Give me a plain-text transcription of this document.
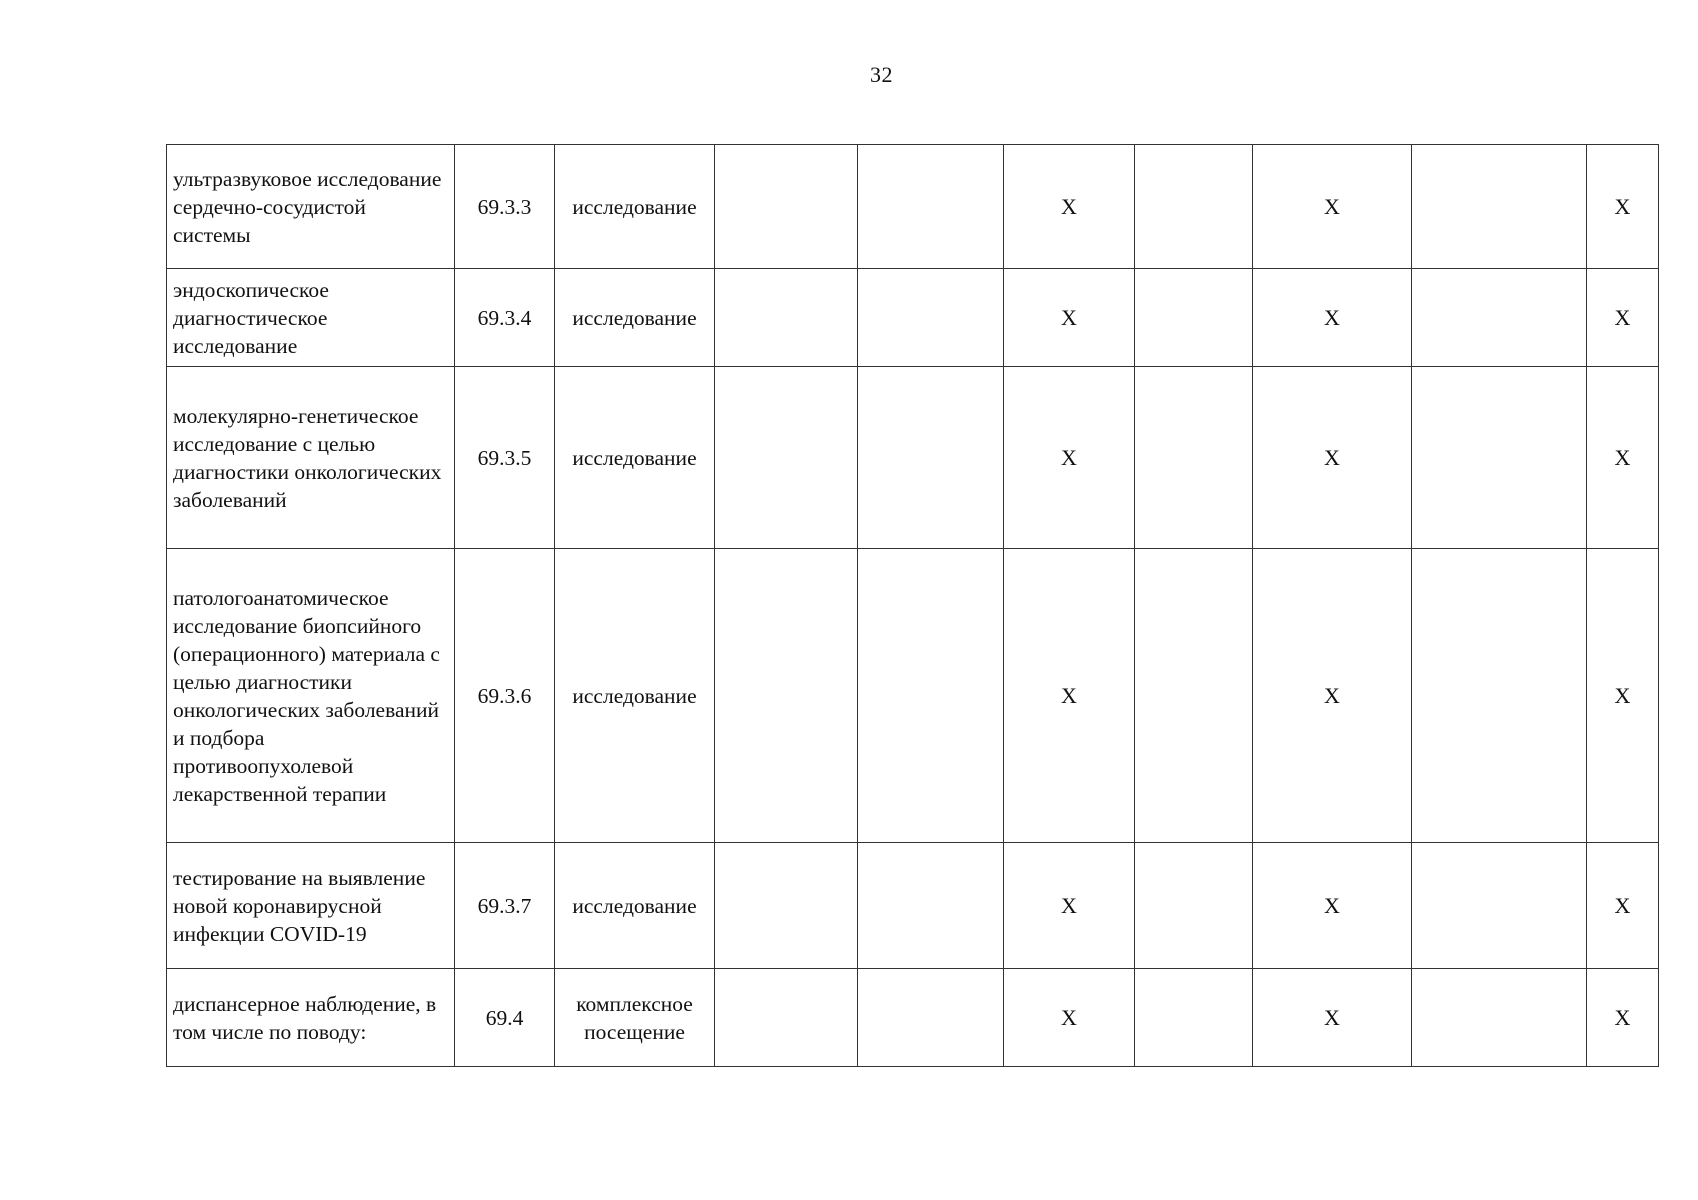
32
ультразвуковое исследование сердечно-сосудистой системы	69.3.3	исследование			X		X		X
эндоскопическое диагностическое исследование	69.3.4	исследование			X		X		X
молекулярно-генетическое исследование с целью диагностики онкологических заболеваний	69.3.5	исследование			X		X		X
патологоанатомическое исследование биопсийного (операционного) материала с целью диагностики онкологических заболеваний и подбора противоопухолевой лекарственной терапии	69.3.6	исследование			X		X		X
тестирование на выявление новой коронавирусной инфекции COVID-19	69.3.7	исследование			X		X		X
диспансерное наблюдение, в том числе по поводу:	69.4	комплексное посещение			X		X		X
